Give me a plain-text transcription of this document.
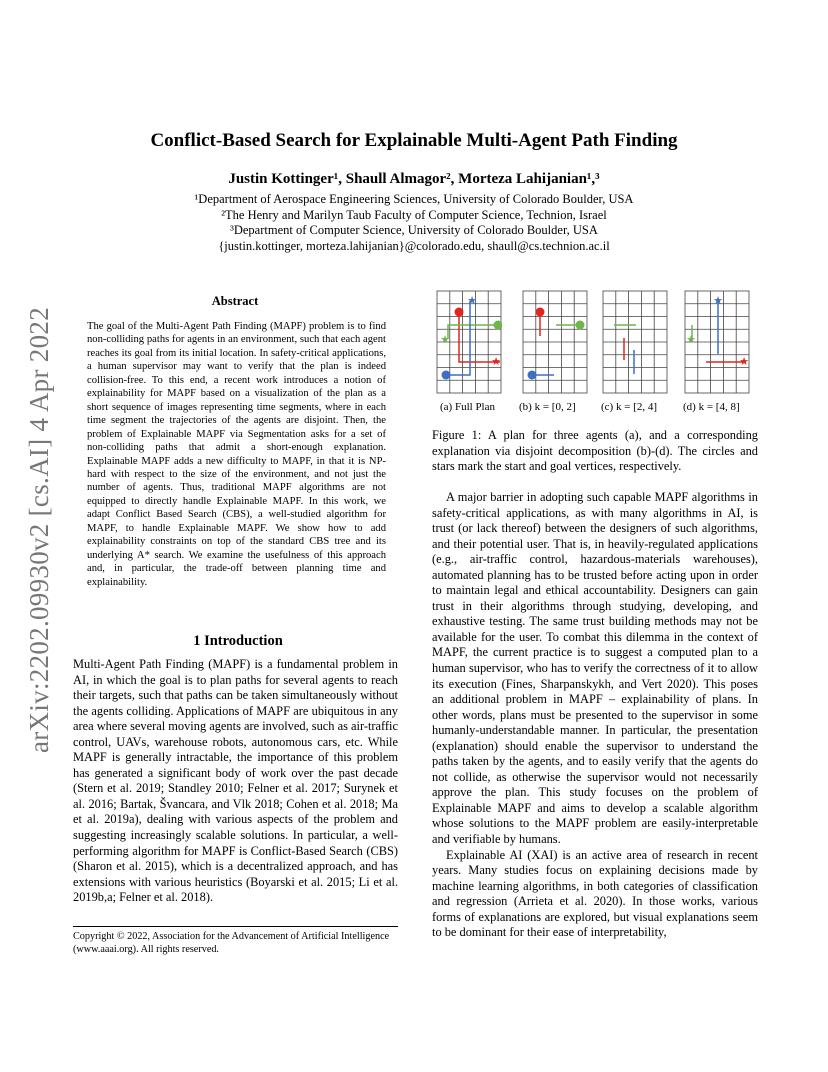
arXiv:2202.09930v2 [cs.AI] 4 Apr 2022
Conflict-Based Search for Explainable Multi-Agent Path Finding
Justin Kottinger¹, Shaull Almagor², Morteza Lahijanian¹,³
¹Department of Aerospace Engineering Sciences, University of Colorado Boulder, USA
²The Henry and Marilyn Taub Faculty of Computer Science, Technion, Israel
³Department of Computer Science, University of Colorado Boulder, USA
{justin.kottinger, morteza.lahijanian}@colorado.edu, shaull@cs.technion.ac.il
Abstract
The goal of the Multi-Agent Path Finding (MAPF) problem is to find non-colliding paths for agents in an environment, such that each agent reaches its goal from its initial location. In safety-critical applications, a human supervisor may want to verify that the plan is indeed collision-free. To this end, a recent work introduces a notion of explainability for MAPF based on a visualization of the plan as a short sequence of images representing time segments, where in each time segment the trajectories of the agents are disjoint. Then, the problem of Explainable MAPF via Segmentation asks for a set of non-colliding paths that admit a short-enough explanation. Explainable MAPF adds a new difficulty to MAPF, in that it is NP-hard with respect to the size of the environment, and not just the number of agents. Thus, traditional MAPF algorithms are not equipped to directly handle Explainable MAPF. In this work, we adapt Conflict Based Search (CBS), a well-studied algorithm for MAPF, to handle Explainable MAPF. We show how to add explainability constraints on top of the standard CBS tree and its underlying A* search. We examine the usefulness of this approach and, in particular, the trade-off between planning time and explainability.
1 Introduction

Multi-Agent Path Finding (MAPF) is a fundamental problem in AI, in which the goal is to plan paths for several agents to reach their targets, such that paths can be taken simultaneously without the agents colliding. Applications of MAPF are ubiquitous in any area where several moving agents are involved, such as air-traffic control, UAVs, warehouse robots, autonomous cars, etc. While MAPF is generally intractable, the importance of this problem has generated a significant body of work over the past decade (Stern et al. 2019; Standley 2010; Felner et al. 2017; Surynek et al. 2016; Bartak, Švancara, and Vlk 2018; Cohen et al. 2018; Ma et al. 2019a), dealing with various aspects of the problem and suggesting increasingly scalable solutions. In particular, a well-performing algorithm for MAPF is Conflict-Based Search (CBS) (Sharon et al. 2015), which is a decentralized approach, and has extensions with various heuristics (Boyarski et al. 2015; Li et al. 2019b,a; Felner et al. 2018).

Copyright © 2022, Association for the Advancement of Artificial Intelligence (www.aaai.org). All rights reserved.
★
★
★
★
★
★
(a) Full Plan (b) k = [0, 2] (c) k = [2, 4] (d) k = [4, 8]
Figure 1: A plan for three agents (a), and a corresponding explanation via disjoint decomposition (b)-(d). The circles and stars mark the start and goal vertices, respectively.

A major barrier in adopting such capable MAPF algorithms in safety-critical applications, as with many algorithms in AI, is trust (or lack thereof) between the designers of such algorithms, and their potential user. That is, in heavily-regulated applications (e.g., air-traffic control, hazardous-materials warehouses), automated planning has to be trusted before acting upon in order to maintain legal and ethical accountability. Designers can gain trust in their algorithms through studying, developing, and exhaustive testing. The same trust building methods may not be available for the user. To combat this dilemma in the context of MAPF, the current practice is to suggest a computed plan to a human supervisor, who has to verify the correctness of it to allow its execution (Fines, Sharpanskykh, and Vert 2020). This poses an additional problem in MAPF – explainability of plans. In other words, plans must be presented to the supervisor in some humanly-understandable manner. In particular, the presentation (explanation) should enable the supervisor to understand the paths taken by the agents, and to easily verify that the agents do not collide, as otherwise the supervisor would not necessarily approve the plan. This study focuses on the problem of Explainable MAPF and aims to develop a scalable algorithm whose solutions to the MAPF problem are easily-interpretable and verifiable by humans.

Explainable AI (XAI) is an active area of research in recent years. Many studies focus on explaining decisions made by machine learning algorithms, in both categories of classification and regression (Arrieta et al. 2020). In those works, various forms of explanations are explored, but visual explanations seem to be dominant for their ease of interpretability,
